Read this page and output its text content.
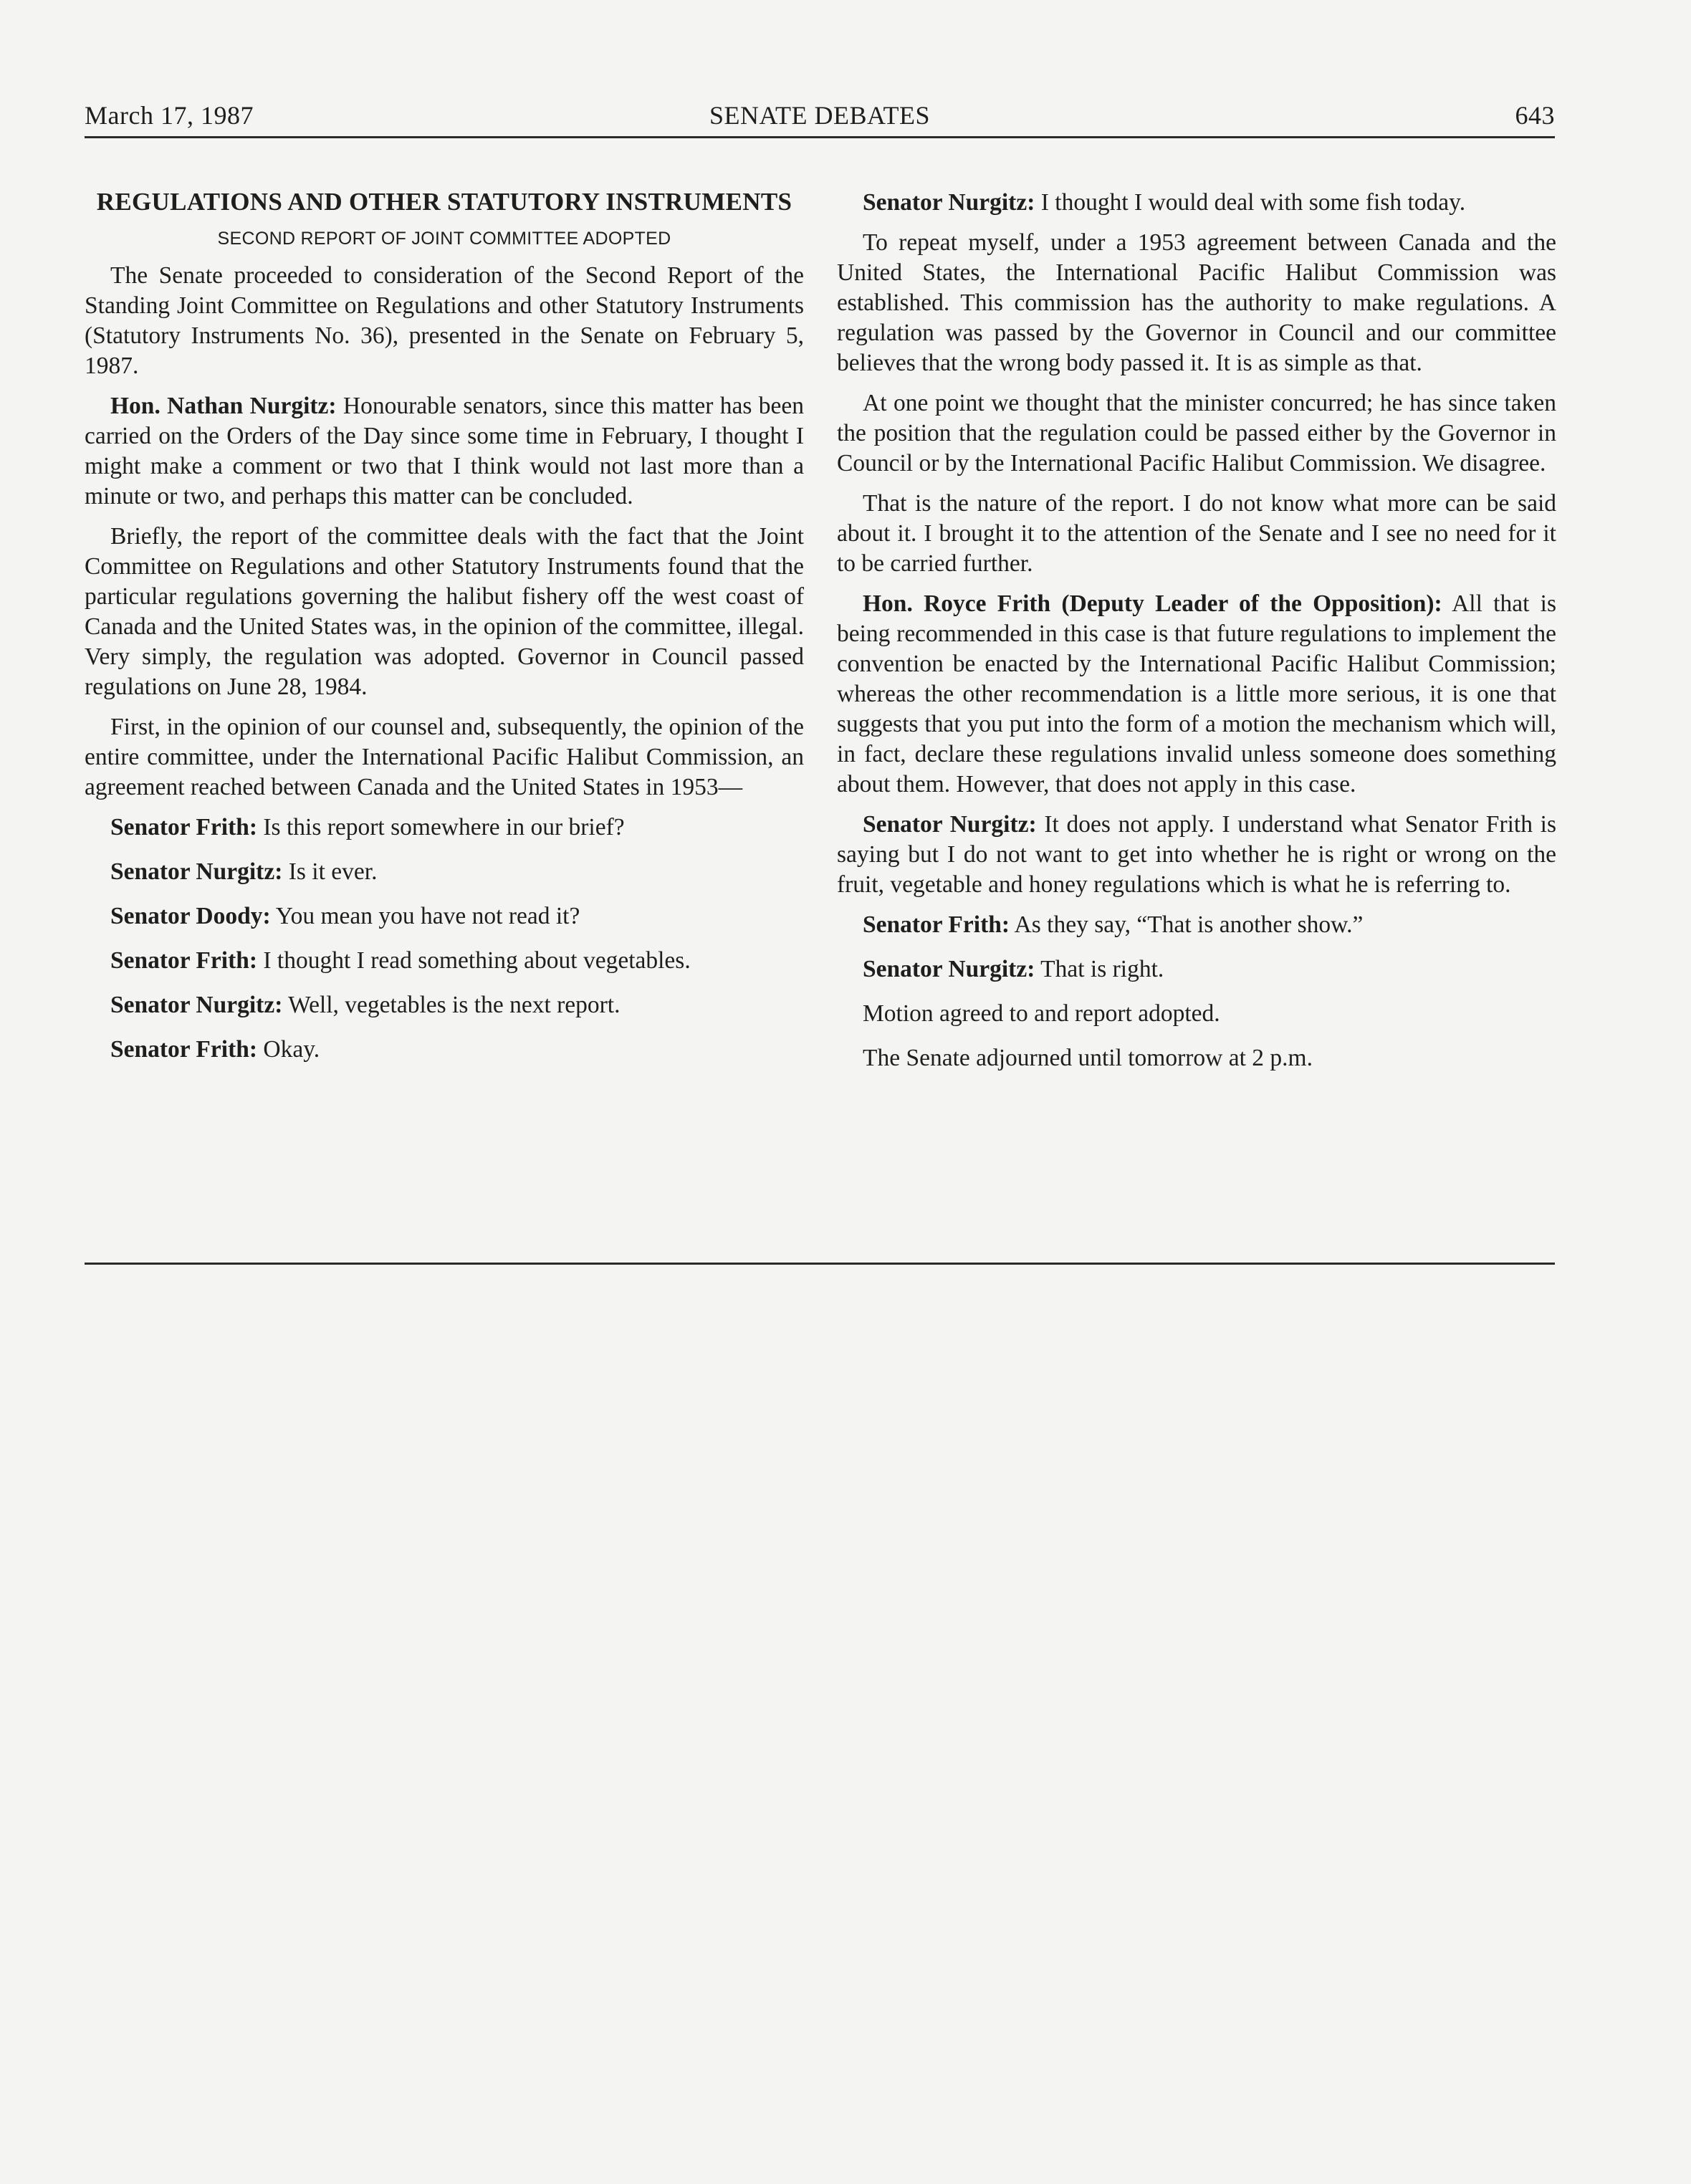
March 17, 1987	SENATE DEBATES	643
REGULATIONS AND OTHER STATUTORY INSTRUMENTS
SECOND REPORT OF JOINT COMMITTEE ADOPTED

The Senate proceeded to consideration of the Second Report of the Standing Joint Committee on Regulations and other Statutory Instruments (Statutory Instruments No. 36), presented in the Senate on February 5, 1987.

Hon. Nathan Nurgitz: Honourable senators, since this matter has been carried on the Orders of the Day since some time in February, I thought I might make a comment or two that I think would not last more than a minute or two, and perhaps this matter can be concluded.

Briefly, the report of the committee deals with the fact that the Joint Committee on Regulations and other Statutory Instruments found that the particular regulations governing the halibut fishery off the west coast of Canada and the United States was, in the opinion of the committee, illegal. Very simply, the regulation was adopted. Governor in Council passed regulations on June 28, 1984.

First, in the opinion of our counsel and, subsequently, the opinion of the entire committee, under the International Pacific Halibut Commission, an agreement reached between Canada and the United States in 1953—

Senator Frith: Is this report somewhere in our brief?

Senator Nurgitz: Is it ever.

Senator Doody: You mean you have not read it?

Senator Frith: I thought I read something about vegetables.

Senator Nurgitz: Well, vegetables is the next report.

Senator Frith: Okay.

Senator Nurgitz: I thought I would deal with some fish today.

To repeat myself, under a 1953 agreement between Canada and the United States, the International Pacific Halibut Commission was established. This commission has the authority to make regulations. A regulation was passed by the Governor in Council and our committee believes that the wrong body passed it. It is as simple as that.

At one point we thought that the minister concurred; he has since taken the position that the regulation could be passed either by the Governor in Council or by the International Pacific Halibut Commission. We disagree.

That is the nature of the report. I do not know what more can be said about it. I brought it to the attention of the Senate and I see no need for it to be carried further.

Hon. Royce Frith (Deputy Leader of the Opposition): All that is being recommended in this case is that future regulations to implement the convention be enacted by the International Pacific Halibut Commission; whereas the other recommendation is a little more serious, it is one that suggests that you put into the form of a motion the mechanism which will, in fact, declare these regulations invalid unless someone does something about them. However, that does not apply in this case.

Senator Nurgitz: It does not apply. I understand what Senator Frith is saying but I do not want to get into whether he is right or wrong on the fruit, vegetable and honey regulations which is what he is referring to.

Senator Frith: As they say, “That is another show.”

Senator Nurgitz: That is right.

Motion agreed to and report adopted.

The Senate adjourned until tomorrow at 2 p.m.
